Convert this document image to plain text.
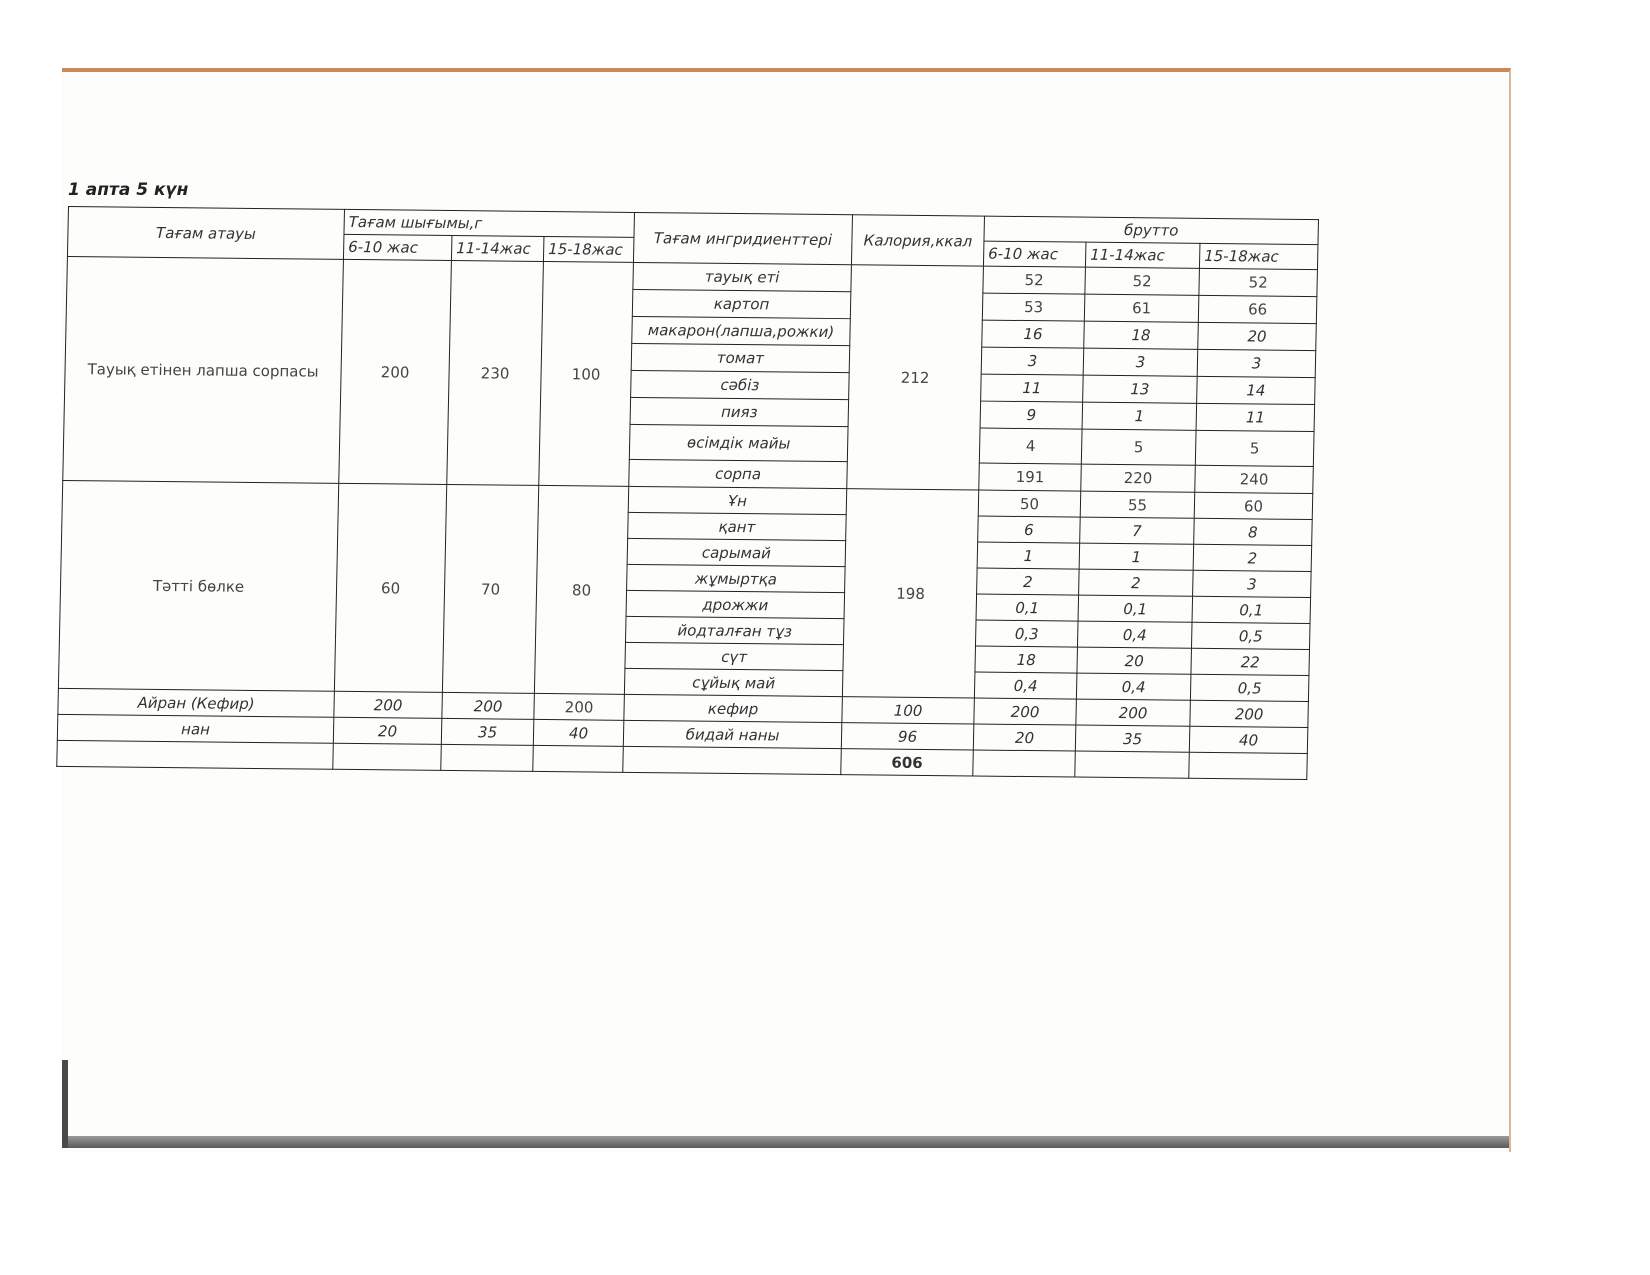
1 апта 5 күн
Тағам атауы	Тағам шығымы,г			Тағам ингридиенттері	Калория,ккал	брутто		
	6-10 жас	11-14жас	15-18жас			6-10 жас	11-14жас	15-18жас
Тауық етінен лапша сорпасы	200	230	100	тауық еті	212	52	52	52
				картоп		53	61	66
				макарон(лапша,рожки)		16	18	20
				томат		3	3	3
				сәбіз		11	13	14
				пияз		9	1	11
				өсімдік майы		4	5	5
				сорпа		191	220	240
Тәтті бөлке	60	70	80	Ұн	198	50	55	60
				қант		6	7	8
				сарымай		1	1	2
				жұмыртқа		2	2	3
				дрожжи		0,1	0,1	0,1
				йодталған тұз		0,3	0,4	0,5
				сүт		18	20	22
				сұйық май		0,4	0,4	0,5
Айран (Кефир)	200	200	200	кефир	100	200	200	200
нан	20	35	40	бидай наны	96	20	35	40
					606			
